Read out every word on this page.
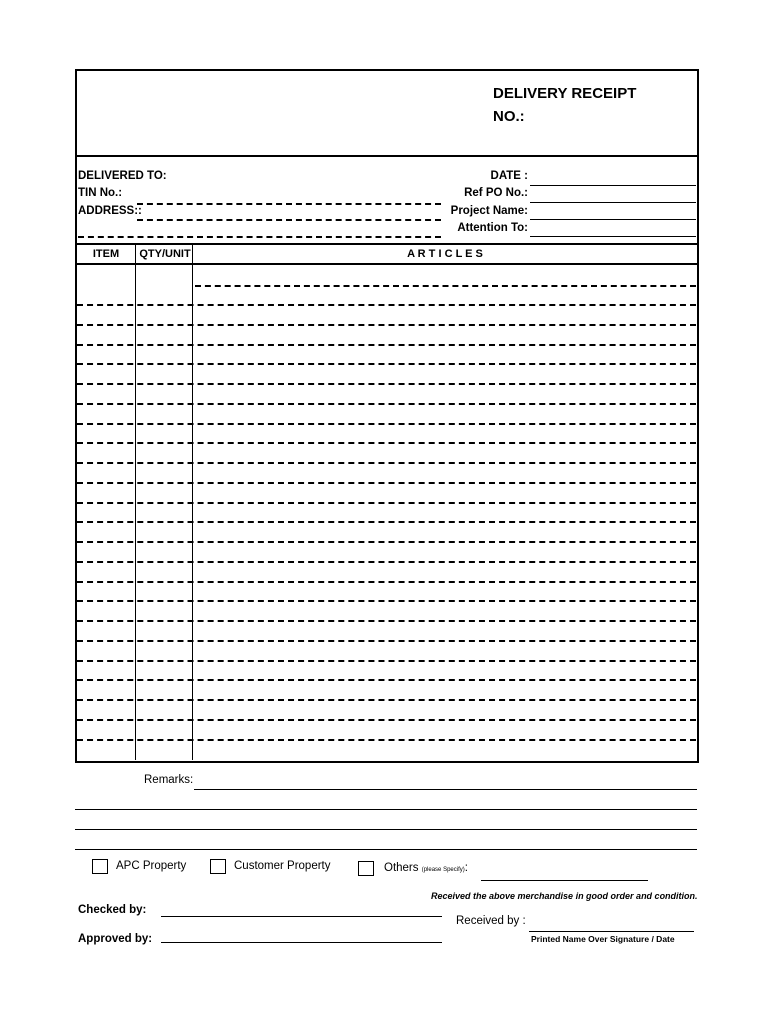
DELIVERY RECEIPT
NO.:
DELIVERED TO:
TIN No.:
ADDRESS::
DATE :
Ref PO No.:
Project Name:
Attention To:
ITEM	QTY/UNIT	A R T I C L E S
Remarks:
APC Property	Customer Property	Others (please Specify):
Received the above merchandise in good order and condition.
Checked by:
Received by :
Approved by:	Printed Name Over Signature / Date
